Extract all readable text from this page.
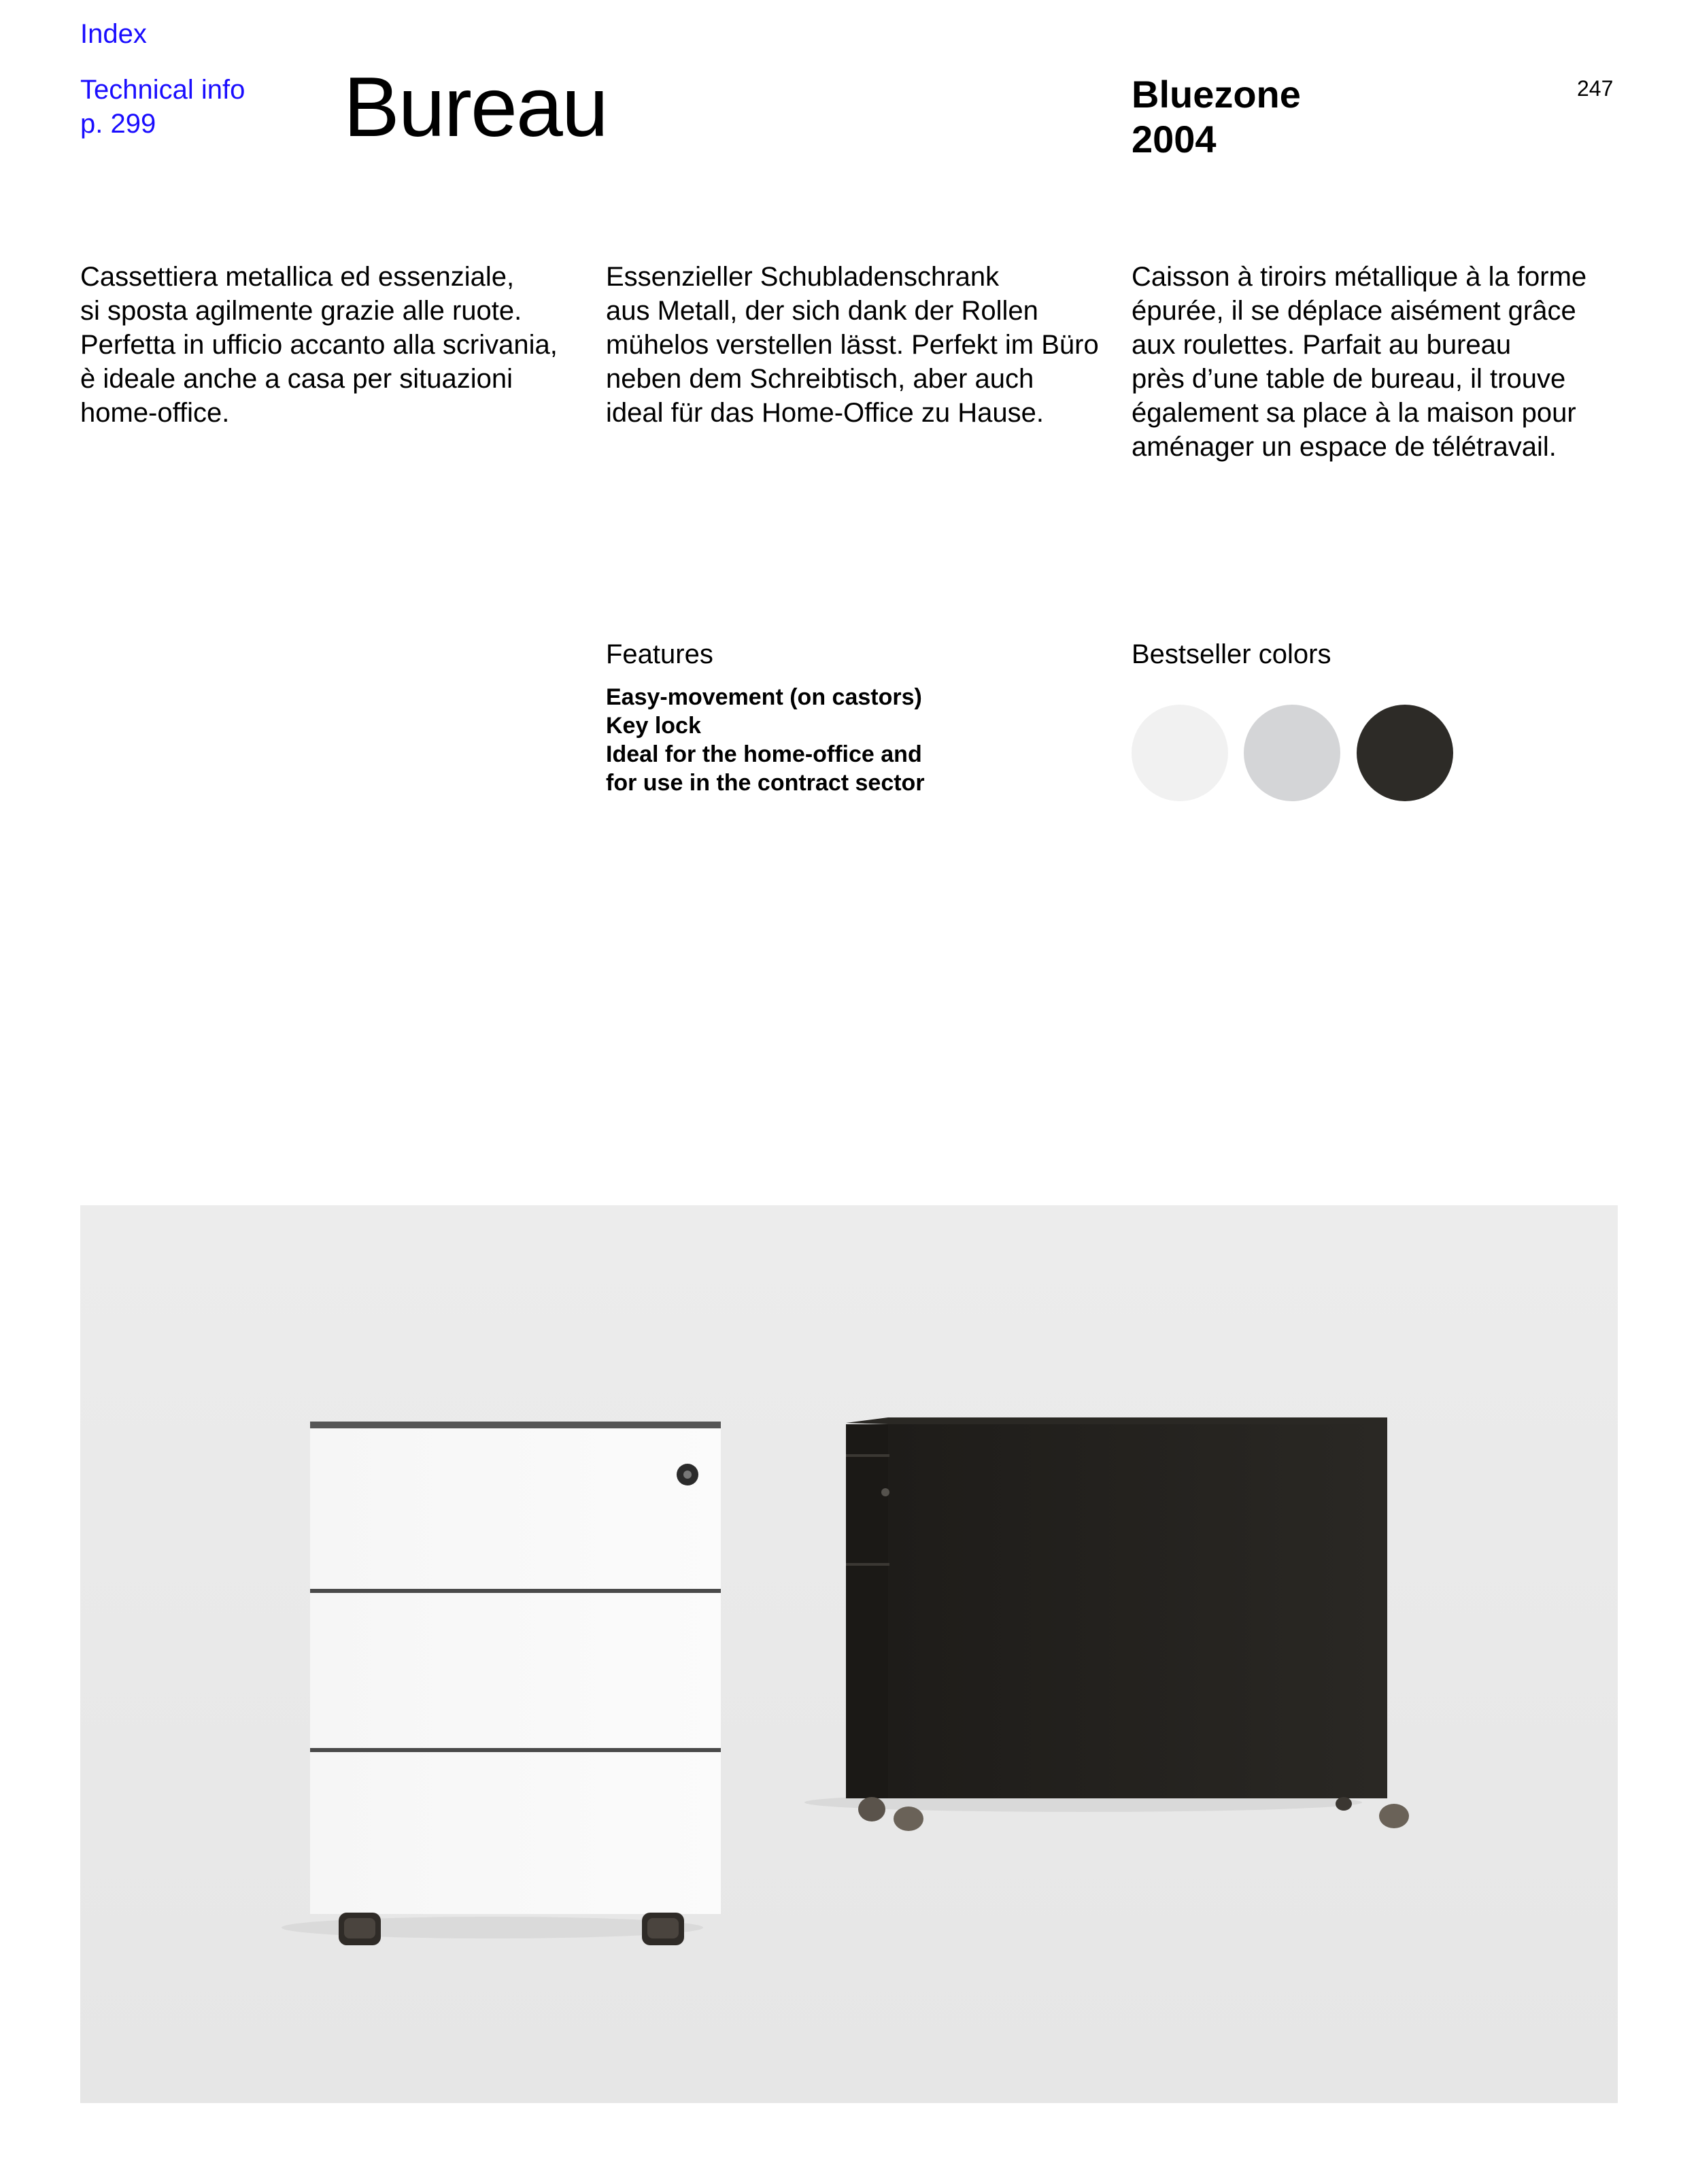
Index
Technical info
p. 299	Bureau	Bluezone
2004
247
Cassettiera metallica ed essenziale,
si sposta agilmente grazie alle ruote.
Perfetta in ufficio accanto alla scrivania,
è ideale anche a casa per situazioni
home-office.
Essenzieller Schubladenschrank
aus Metall, der sich dank der Rollen
mühelos verstellen lässt. Perfekt im Büro
neben dem Schreibtisch, aber auch
ideal für das Home-Office zu Hause.
Caisson à tiroirs métallique à la forme
épurée, il se déplace aisément grâce
aux roulettes. Parfait au bureau
près d’une table de bureau, il trouve
également sa place à la maison pour
aménager un espace de télétravail.
Features
Easy-movement (on castors)
Key lock
Ideal for the home-office and
for use in the contract sector
Bestseller colors
